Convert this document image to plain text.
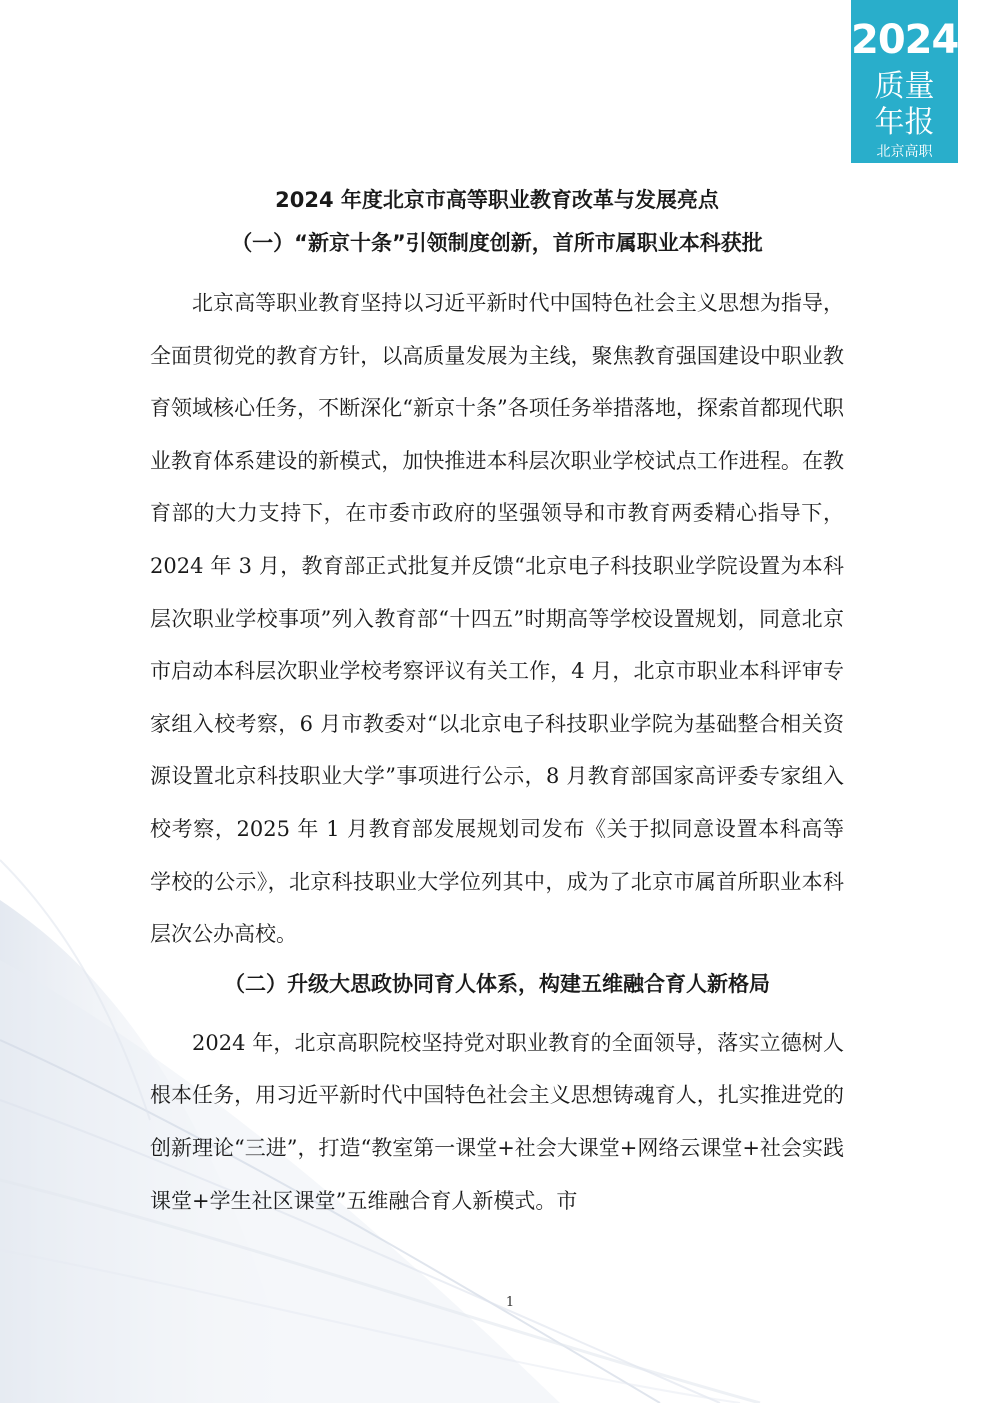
2024
质量
年报
北京高职
2024 年度北京市高等职业教育改革与发展亮点
（一）“新京十条”引领制度创新，首所市属职业本科获批

北京高等职业教育坚持以习近平新时代中国特色社会主义思想为指导，全面贯彻党的教育方针，以高质量发展为主线，聚焦教育强国建设中职业教育领域核心任务，不断深化“新京十条”各项任务举措落地，探索首都现代职业教育体系建设的新模式，加快推进本科层次职业学校试点工作进程。在教育部的大力支持下，在市委市政府的坚强领导和市教育两委精心指导下，2024 年 3 月，教育部正式批复并反馈“北京电子科技职业学院设置为本科层次职业学校事项”列入教育部“十四五”时期高等学校设置规划，同意北京市启动本科层次职业学校考察评议有关工作，4 月，北京市职业本科评审专家组入校考察，6 月市教委对“以北京电子科技职业学院为基础整合相关资源设置北京科技职业大学”事项进行公示，8 月教育部国家高评委专家组入校考察，2025 年 1 月教育部发展规划司发布《关于拟同意设置本科高等学校的公示》，北京科技职业大学位列其中，成为了北京市属首所职业本科层次公办高校。

（二）升级大思政协同育人体系，构建五维融合育人新格局

2024 年，北京高职院校坚持党对职业教育的全面领导，落实立德树人根本任务，用习近平新时代中国特色社会主义思想铸魂育人，扎实推进党的创新理论“三进”，打造“教室第一课堂+社会大课堂+网络云课堂+社会实践课堂+学生社区课堂”五维融合育人新模式。市

1
